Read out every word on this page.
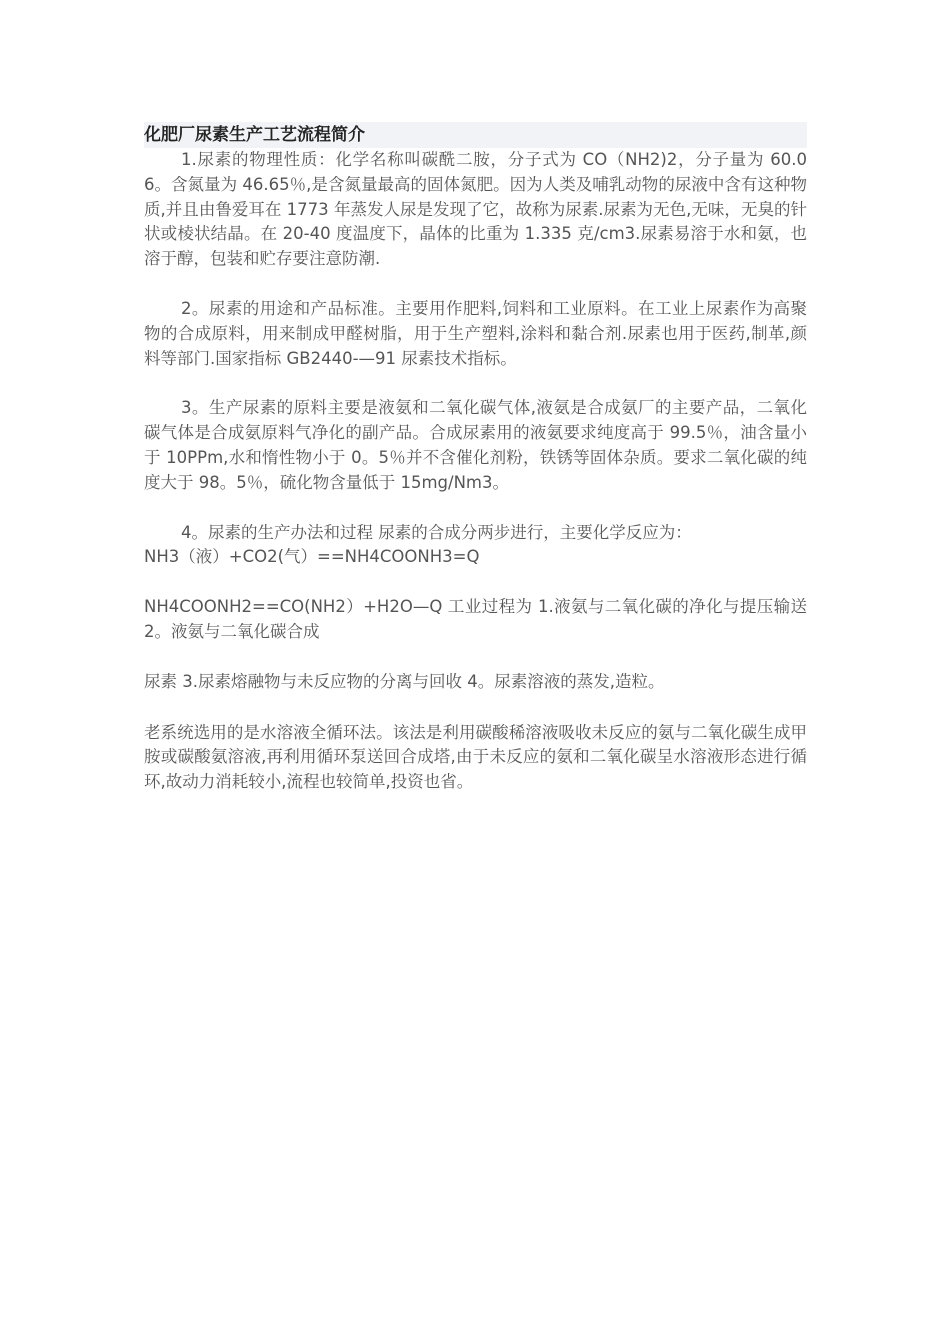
化肥厂尿素生产工艺流程简介

1.尿素的物理性质：化学名称叫碳酰二胺，分子式为 CO（NH2)2，分子量为 60.06。含氮量为 46.65％,是含氮量最高的固体氮肥。因为人类及哺乳动物的尿液中含有这种物质,并且由鲁爱耳在 1773 年蒸发人尿是发现了它，故称为尿素.尿素为无色,无味，无臭的针状或棱状结晶。在 20-40 度温度下，晶体的比重为 1.335 克/cm3.尿素易溶于水和氨，也溶于醇，包装和贮存要注意防潮.

2。尿素的用途和产品标准。主要用作肥料,饲料和工业原料。在工业上尿素作为高聚物的合成原料，用来制成甲醛树脂，用于生产塑料,涂料和黏合剂.尿素也用于医药,制革,颜料等部门.国家指标 GB2440-—91 尿素技术指标。

3。生产尿素的原料主要是液氨和二氧化碳气体,液氨是合成氨厂的主要产品，二氧化碳气体是合成氨原料气净化的副产品。合成尿素用的液氨要求纯度高于 99.5％，油含量小于 10PPm,水和惰性物小于 0。5％并不含催化剂粉，铁锈等固体杂质。要求二氧化碳的纯度大于 98。5％，硫化物含量低于 15mg/Nm3。

4。尿素的生产办法和过程 尿素的合成分两步进行，主要化学反应为：

NH3（液）+CO2(气）==NH4COONH3=Q

NH4COONH2==CO(NH2）+H2O—Q 工业过程为 1.液氨与二氧化碳的净化与提压输送 2。液氨与二氧化碳合成

尿素 3.尿素熔融物与未反应物的分离与回收 4。尿素溶液的蒸发,造粒。

老系统选用的是水溶液全循环法。该法是利用碳酸稀溶液吸收未反应的氨与二氧化碳生成甲胺或碳酸氨溶液,再利用循环泵送回合成塔,由于未反应的氨和二氧化碳呈水溶液形态进行循环,故动力消耗较小,流程也较简单,投资也省。
